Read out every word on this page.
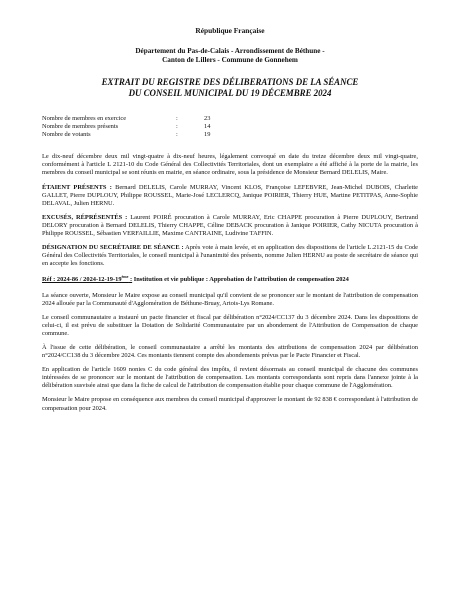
République Française
Département du Pas-de-Calais - Arrondissement de Béthune -
Canton de Lillers - Commune de Gonnehem
EXTRAIT DU REGISTRE DES DÉLIBERATIONS DE LA SÉANCE
DU CONSEIL MUNICIPAL DU 19 DÉCEMBRE 2024
Nombre de membres en exercice	:	23
Nombre de membres présents	:	14
Nombre de votants	:	19

Le dix-neuf décembre deux mil vingt-quatre à dix-neuf heures, légalement convoqué en date du treize décembre deux mil vingt-quatre, conformément à l'article L 2121-10 du Code Général des Collectivités Territoriales, dont un exemplaire a été affiché à la porte de la mairie, les membres du conseil municipal se sont réunis en mairie, en séance ordinaire, sous la présidence de Monsieur Bernard DELELIS, Maire.

ÉTAIENT PRÉSENTS : Bernard DELELIS, Carole MURRAY, Vincent KLOS, Françoise LEFEBVRE, Jean-Michel DUBOIS, Charlette GALLET, Pierre DUPLOUY, Philippe ROUSSEL, Marie-José LECLERCQ, Janique POIRIER, Thierry HUE, Martine PETITPAS, Anne-Sophie DELAVAL, Julien HERNU.

EXCUSÉS, RÉPRÉSENTÉS : Laurent POIRÉ procuration à Carole MURRAY, Eric CHAPPE procuration à Pierre DUPLOUY, Bertrand DELORY procuration à Bernard DELELIS, Thierry CHAPPE, Céline DEBACK procuration à Janique POIRIER, Cathy NICUTA procuration à Philippe ROUSSEL, Sébastien VERFAILLIE, Maxime CANTRAINE, Ludivine TAFFIN.

DÉSIGNATION DU SECRÉTAIRE DE SÉANCE : Après vote à main levée, et en application des dispositions de l'article L.2121-15 du Code Général des Collectivités Territoriales, le conseil municipal à l'unanimité des présents, nomme Julien HERNU au poste de secrétaire de séance qui en accepte les fonctions.

Réf : 2024-86 / 2024-12-19-19ème : Institution et vie publique : Approbation de l'attribution de compensation 2024

La séance ouverte, Monsieur le Maire expose au conseil municipal qu'il convient de se prononcer sur le montant de l'attribution de compensation 2024 allouée par la Communauté d'Agglomération de Béthune-Bruay, Artois-Lys Romane.

Le conseil communautaire a instauré un pacte financier et fiscal par délibération n°2024/CC137 du 3 décembre 2024. Dans les dispositions de celui-ci, il est prévu de substituer la Dotation de Solidarité Communautaire par un abondement de l'Attribution de Compensation de chaque commune.

À l'issue de cette délibération, le conseil communautaire a arrêté les montants des attributions de compensation 2024 par délibération n°2024/CC138 du 3 décembre 2024. Ces montants tiennent compte des abondements prévus par le Pacte Financier et Fiscal.

En application de l'article 1609 nonies C du code général des impôts, il revient désormais au conseil municipal de chacune des communes intéressées de se prononcer sur le montant de l'attribution de compensation. Les montants correspondants sont repris dans l'annexe jointe à la délibération susvisée ainsi que dans la fiche de calcul de l'attribution de compensation établie pour chaque commune de l'Agglomération.

Monsieur le Maire propose en conséquence aux membres du conseil municipal d'approuver le montant de 92 838 € correspondant à l'attribution de compensation pour 2024.
